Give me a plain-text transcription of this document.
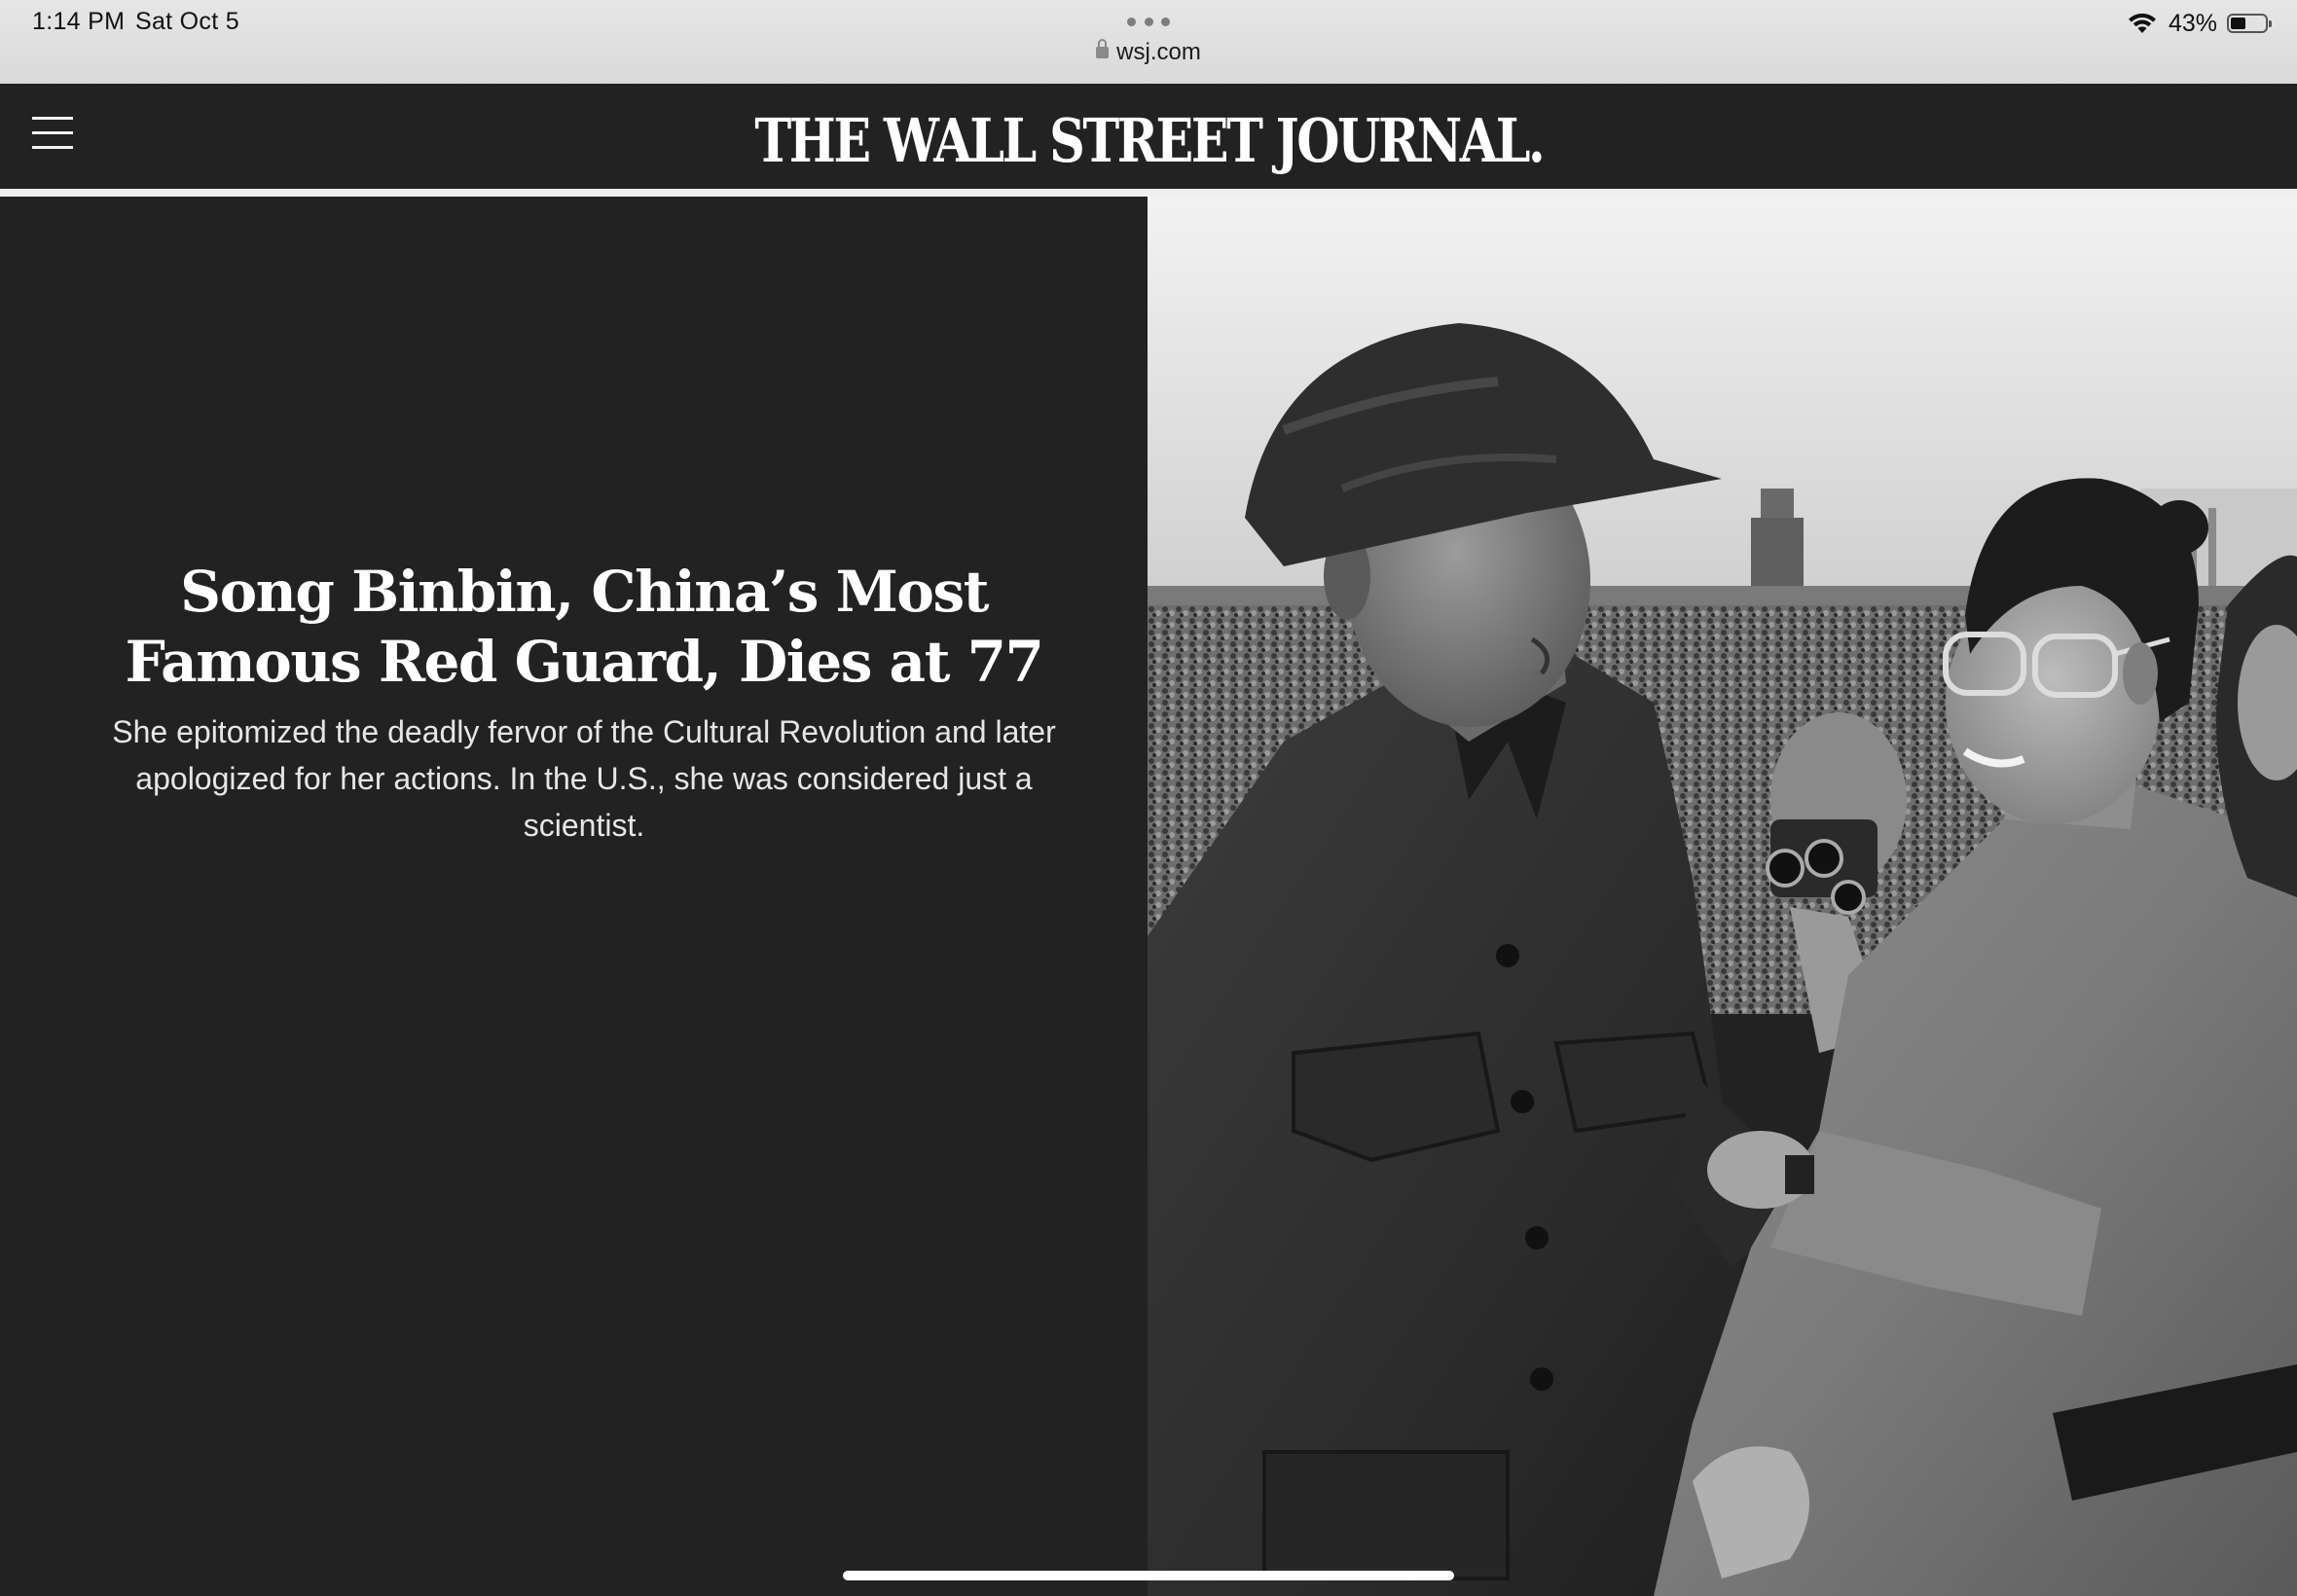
1:14 PM Sat Oct 5
wsj.com
43%
THE WALL STREET JOURNAL.
Song Binbin, China’s Most Famous Red Guard, Dies at 77

She epitomized the deadly fervor of the Cultural Revolution and later apologized for her actions. In the U.S., she was considered just a scientist.
